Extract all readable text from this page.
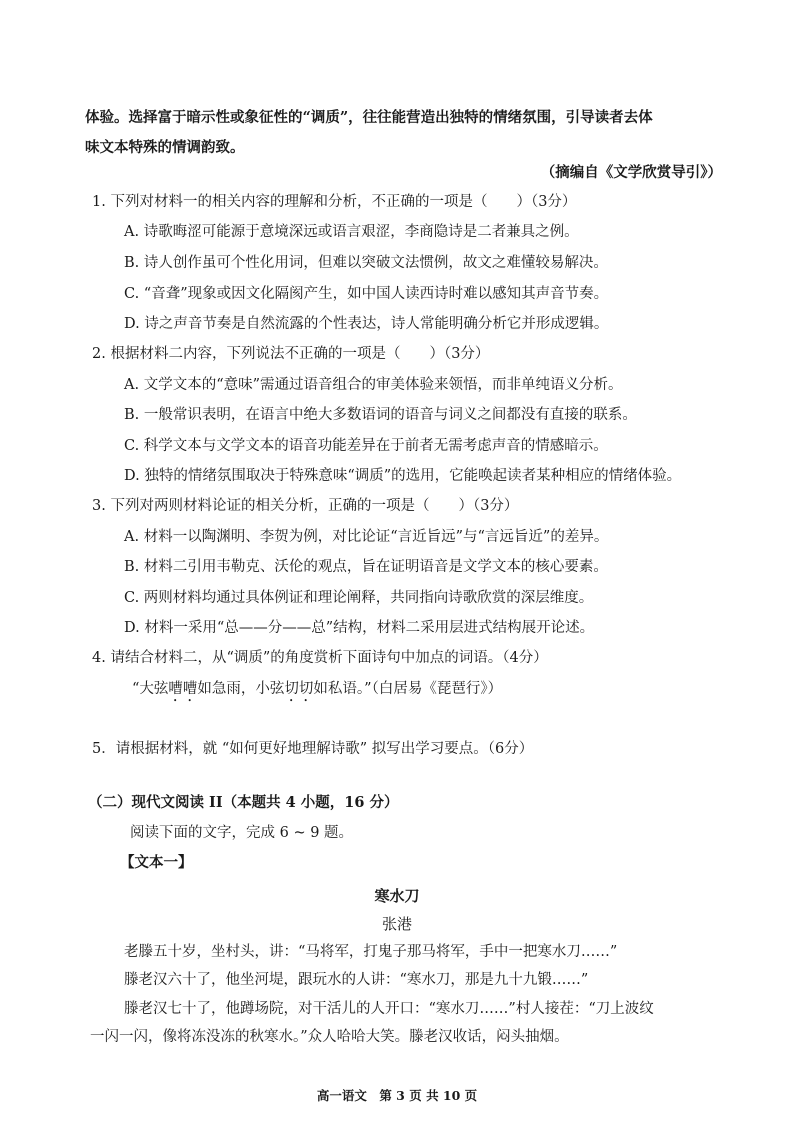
体验。选择富于暗示性或象征性的“调质”，往往能营造出独特的情绪氛围，引导读者去体
味文本特殊的情调韵致。
（摘编自《文学欣赏导引》）
1. 下列对材料一的相关内容的理解和分析，不正确的一项是（　　）（3分）
A. 诗歌晦涩可能源于意境深远或语言艰涩，李商隐诗是二者兼具之例。
B. 诗人创作虽可个性化用词，但难以突破文法惯例，故文之难懂较易解决。
C. “音聋”现象或因文化隔阂产生，如中国人读西诗时难以感知其声音节奏。
D. 诗之声音节奏是自然流露的个性表达，诗人常能明确分析它并形成逻辑。
2. 根据材料二内容，下列说法不正确的一项是（　　）（3分）
A. 文学文本的“意味”需通过语音组合的审美体验来领悟，而非单纯语义分析。
B. 一般常识表明，在语言中绝大多数语词的语音与词义之间都没有直接的联系。
C. 科学文本与文学文本的语音功能差异在于前者无需考虑声音的情感暗示。
D. 独特的情绪氛围取决于特殊意味“调质”的选用，它能唤起读者某种相应的情绪体验。
3. 下列对两则材料论证的相关分析，正确的一项是（　　）（3分）
A. 材料一以陶渊明、李贺为例，对比论证“言近旨远”与“言远旨近”的差异。
B. 材料二引用韦勒克、沃伦的观点，旨在证明语音是文学文本的核心要素。
C. 两则材料均通过具体例证和理论阐释，共同指向诗歌欣赏的深层维度。
D. 材料一采用“总——分——总”结构，材料二采用层进式结构展开论述。
4. 请结合材料二，从“调质”的角度赏析下面诗句中加点的词语。（4分）
“大弦嘈嘈如急雨，小弦切切如私语。”（白居易《琵琶行》）
5．请根据材料，就 “如何更好地理解诗歌” 拟写出学习要点。（6分）
（二）现代文阅读 II（本题共 4 小题，16 分）
阅读下面的文字，完成 6 ~ 9 题。
【文本一】
寒水刀
张港
老滕五十岁，坐村头，讲：“马将军，打鬼子那马将军，手中一把寒水刀……”
滕老汉六十了，他坐河堤，跟玩水的人讲：“寒水刀，那是九十九锻……”
滕老汉七十了，他蹲场院，对干活儿的人开口：“寒水刀……”村人接茬：“刀上波纹
一闪一闪，像将冻没冻的秋寒水。”众人哈哈大笑。滕老汉收话，闷头抽烟。
高一语文　第 3 页 共 10 页
